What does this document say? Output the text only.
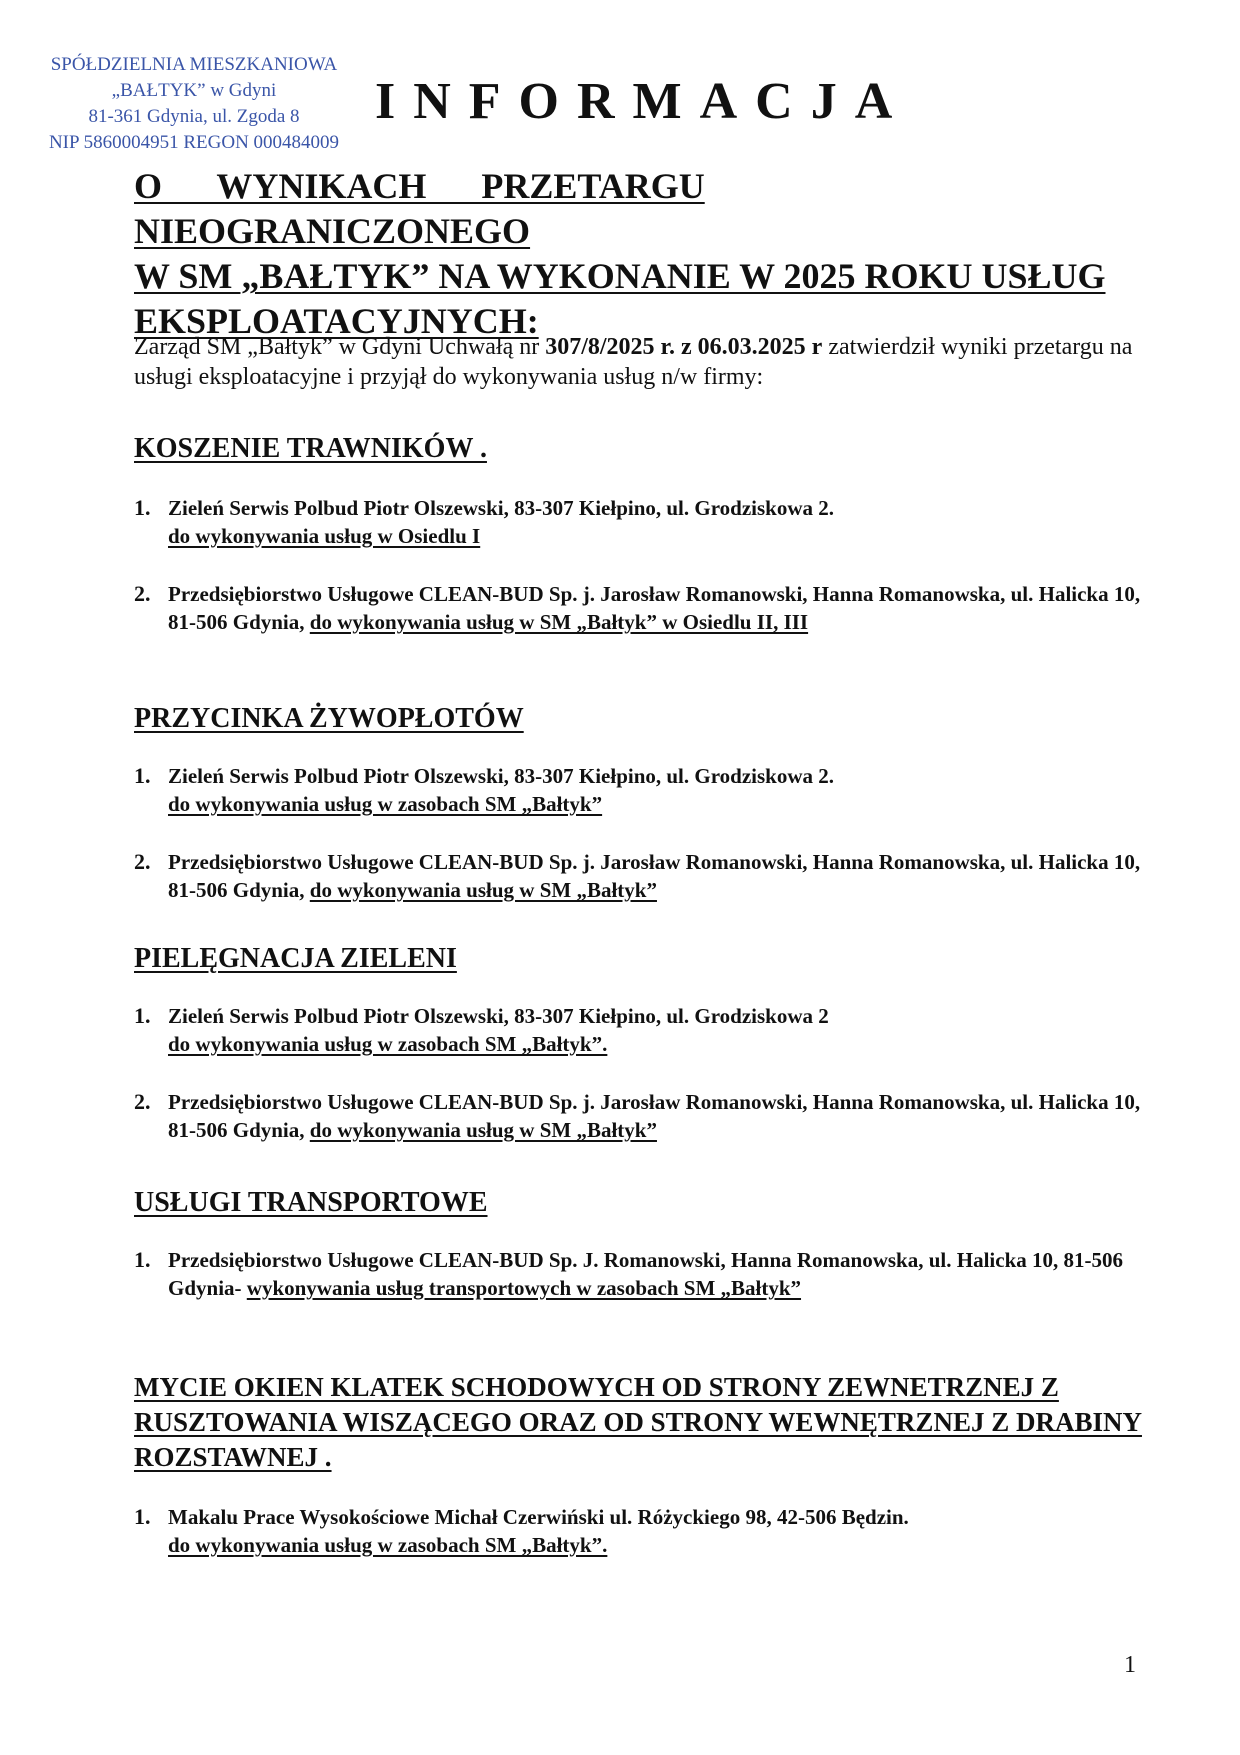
SPÓŁDZIELNIA MIESZKANIOWA
„BAŁTYK” w Gdyni
81-361 Gdynia, ul. Zgoda 8
NIP 5860004951 REGON 000484009
INFORMACJA
O WYNIKACH PRZETARGU NIEOGRANICZONEGO
W SM „BAŁTYK” NA WYKONANIE W 2025 ROKU USŁUG
EKSPLOATACYJNYCH:

Zarząd SM „Bałtyk” w Gdyni Uchwałą nr 307/8/2025 r. z 06.03.2025 r zatwierdził wyniki przetargu na usługi eksploatacyjne i przyjął do wykonywania usług n/w firmy:

KOSZENIE TRAWNIKÓW .
1. Zieleń Serwis Polbud Piotr Olszewski, 83-307 Kiełpino, ul. Grodziskowa 2.
do wykonywania usług w Osiedlu I
2. Przedsiębiorstwo Usługowe CLEAN-BUD Sp. j. Jarosław Romanowski, Hanna Romanowska, ul. Halicka 10, 81-506 Gdynia, do wykonywania usług w SM „Bałtyk” w Osiedlu II, III
PRZYCINKA ŻYWOPŁOTÓW
1. Zieleń Serwis Polbud Piotr Olszewski, 83-307 Kiełpino, ul. Grodziskowa 2.
do wykonywania usług w zasobach SM „Bałtyk”
2. Przedsiębiorstwo Usługowe CLEAN-BUD Sp. j. Jarosław Romanowski, Hanna Romanowska, ul. Halicka 10, 81-506 Gdynia, do wykonywania usług w SM „Bałtyk”
PIELĘGNACJA ZIELENI
1. Zieleń Serwis Polbud Piotr Olszewski, 83-307 Kiełpino, ul. Grodziskowa 2
do wykonywania usług w zasobach SM „Bałtyk”.
2. Przedsiębiorstwo Usługowe CLEAN-BUD Sp. j. Jarosław Romanowski, Hanna Romanowska, ul. Halicka 10, 81-506 Gdynia, do wykonywania usług w SM „Bałtyk”
USŁUGI TRANSPORTOWE
1. Przedsiębiorstwo Usługowe CLEAN-BUD Sp. J. Romanowski, Hanna Romanowska, ul. Halicka 10, 81-506 Gdynia- wykonywania usług transportowych w zasobach SM „Bałtyk”
MYCIE OKIEN KLATEK SCHODOWYCH OD STRONY ZEWNETRZNEJ Z RUSZTOWANIA WISZĄCEGO ORAZ OD STRONY WEWNĘTRZNEJ Z DRABINY ROZSTAWNEJ .
1. Makalu Prace Wysokościowe Michał Czerwiński ul. Różyckiego 98, 42-506 Będzin.
do wykonywania usług w zasobach SM „Bałtyk”.
1
